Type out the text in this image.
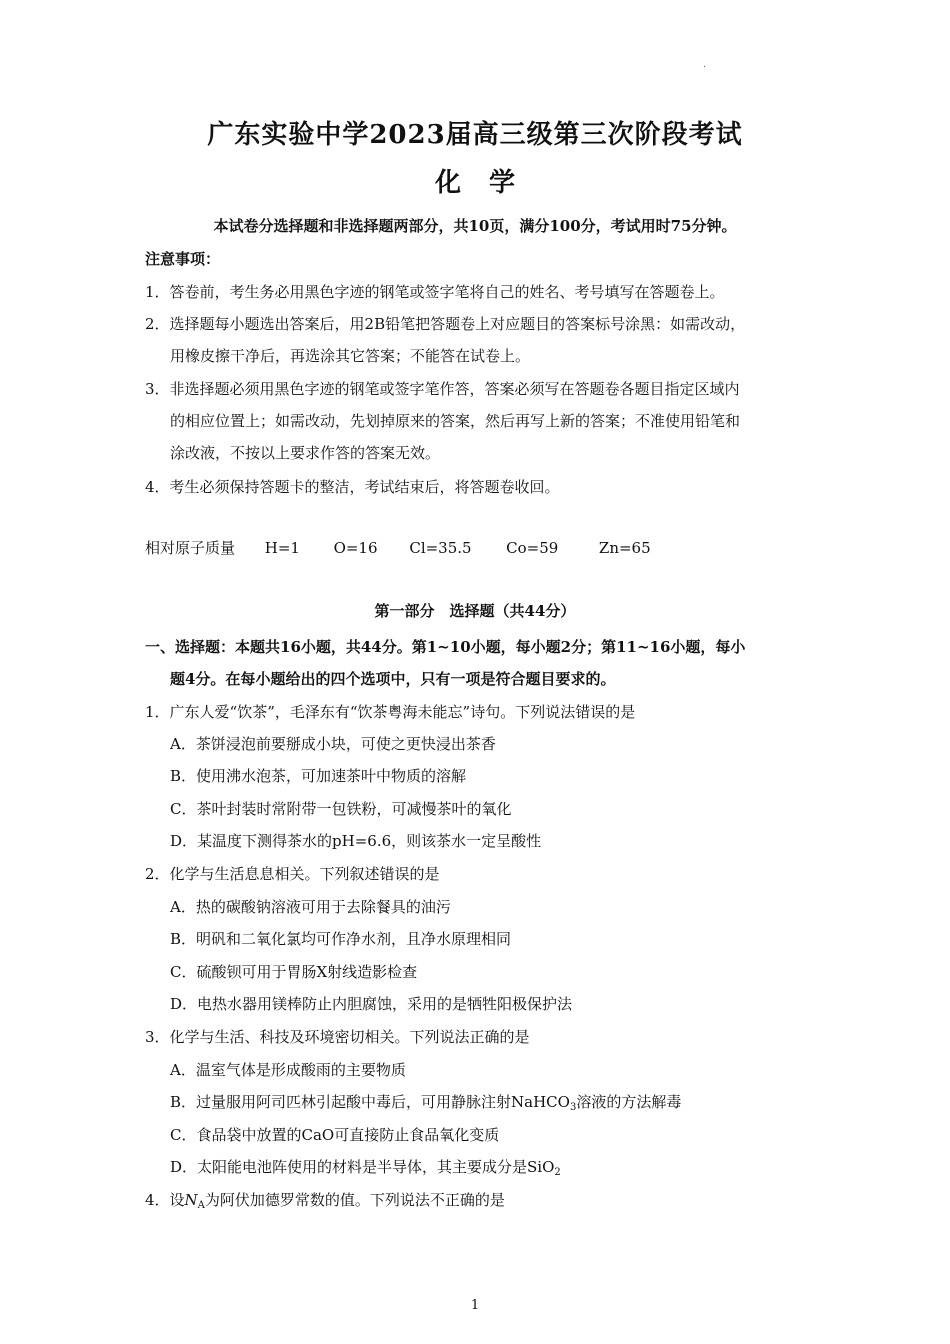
·
广东实验中学2023届高三级第三次阶段考试
化学
本试卷分选择题和非选择题两部分，共10页，满分100分，考试用时75分钟。
注意事项：
1．答卷前，考生务必用黑色字迹的钢笔或签字笔将自己的姓名、考号填写在答题卷上。
2．选择题每小题选出答案后，用2B铅笔把答题卷上对应题目的答案标号涂黑：如需改动，
用橡皮擦干净后，再选涂其它答案；不能答在试卷上。
3．非选择题必须用黑色字迹的钢笔或签字笔作答，答案必须写在答题卷各题目指定区域内
的相应位置上；如需改动，先划掉原来的答案，然后再写上新的答案；不准使用铅笔和
涂改液，不按以上要求作答的答案无效。
4．考生必须保持答题卡的整洁，考试结束后，将答题卷收回。
相对原子质量 H=1 O=16 Cl=35.5 Co=59	Zn=65
第一部分　选择题（共44分）
一、选择题：本题共16小题，共44分。第1~10小题，每小题2分；第11~16小题，每小
题4分。在每小题给出的四个选项中，只有一项是符合题目要求的。
1．广东人爱“饮茶”，毛泽东有“饮茶粤海未能忘”诗句。下列说法错误的是
A．茶饼浸泡前要掰成小块，可使之更快浸出茶香
B．使用沸水泡茶，可加速茶叶中物质的溶解
C．茶叶封装时常附带一包铁粉，可减慢茶叶的氧化
D．某温度下测得茶水的pH=6.6，则该茶水一定呈酸性
2．化学与生活息息相关。下列叙述错误的是
A．热的碳酸钠溶液可用于去除餐具的油污
B．明矾和二氧化氯均可作净水剂，且净水原理相同
C．硫酸钡可用于胃肠X射线造影检查
D．电热水器用镁棒防止内胆腐蚀，采用的是牺牲阳极保护法
3．化学与生活、科技及环境密切相关。下列说法正确的是
A．温室气体是形成酸雨的主要物质
B．过量服用阿司匹林引起酸中毒后，可用静脉注射NaHCO$_3$溶液的方法解毒
C．食品袋中放置的CaO可直接防止食品氧化变质
D．太阳能电池阵使用的材料是半导体，其主要成分是SiO$_2$
4．设$N_A$为阿伏加德罗常数的值。下列说法不正确的是
1
